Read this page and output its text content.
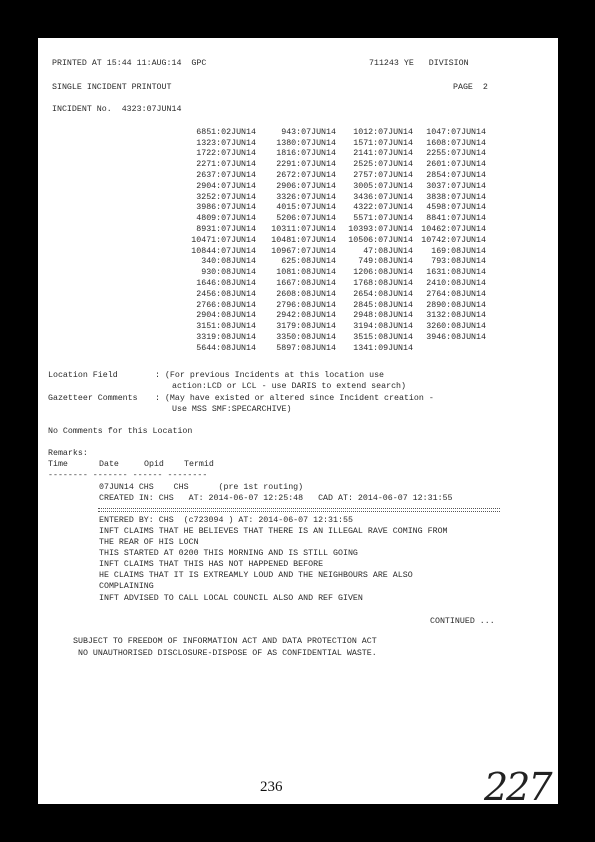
PRINTED AT 15:44 11:AUG:14  GPC	711243 YE   DIVISION
SINGLE INCIDENT PRINTOUT	PAGE  2
INCIDENT No.  4323:07JUN14
6851:02JUN14	943:07JUN14	1012:07JUN14	1047:07JUN14
1323:07JUN14	1380:07JUN14	1571:07JUN14	1608:07JUN14
1722:07JUN14	1816:07JUN14	2141:07JUN14	2255:07JUN14
2271:07JUN14	2291:07JUN14	2525:07JUN14	2601:07JUN14
2637:07JUN14	2672:07JUN14	2757:07JUN14	2854:07JUN14
2904:07JUN14	2906:07JUN14	3005:07JUN14	3037:07JUN14
3252:07JUN14	3326:07JUN14	3436:07JUN14	3838:07JUN14
3986:07JUN14	4015:07JUN14	4322:07JUN14	4598:07JUN14
4809:07JUN14	5206:07JUN14	5571:07JUN14	8841:07JUN14
8931:07JUN14	10311:07JUN14	10393:07JUN14	10462:07JUN14
10471:07JUN14	10481:07JUN14	10506:07JUN14	10742:07JUN14
10844:07JUN14	10967:07JUN14	47:08JUN14	169:08JUN14
340:08JUN14	625:08JUN14	749:08JUN14	793:08JUN14
930:08JUN14	1081:08JUN14	1206:08JUN14	1631:08JUN14
1646:08JUN14	1667:08JUN14	1768:08JUN14	2410:08JUN14
2456:08JUN14	2608:08JUN14	2654:08JUN14	2764:08JUN14
2766:08JUN14	2796:08JUN14	2845:08JUN14	2890:08JUN14
2904:08JUN14	2942:08JUN14	2948:08JUN14	3132:08JUN14
3151:08JUN14	3179:08JUN14	3194:08JUN14	3260:08JUN14
3319:08JUN14	3350:08JUN14	3515:08JUN14	3946:08JUN14
5644:08JUN14	5897:08JUN14	1341:09JUN14	
Location Field	: (For previous Incidents at this location use
action:LCD or LCL - use DARIS to extend search)
Gazetteer Comments : (May have existed or altered since Incident creation -
Use MSS SMF:SPECARCHIVE)
No Comments for this Location
Remarks:
Time	Date	Opid Termid
-------- ------- ------ --------
07JUN14 CHS    CHS      (pre 1st routing)
CREATED IN: CHS   AT: 2014-06-07 12:25:48   CAD AT: 2014-06-07 12:31:55
ENTERED BY: CHS  (c723094 ) AT: 2014-06-07 12:31:55
INFT CLAIMS THAT HE BELIEVES THAT THERE IS AN ILLEGAL RAVE COMING FROM
THE REAR OF HIS LOCN
THIS STARTED AT 0200 THIS MORNING AND IS STILL GOING
INFT CLAIMS THAT THIS HAS NOT HAPPENED BEFORE
HE CLAIMS THAT IT IS EXTREAMLY LOUD AND THE NEIGHBOURS ARE ALSO
COMPLAINING
INFT ADVISED TO CALL LOCAL COUNCIL ALSO AND REF GIVEN
CONTINUED ...
SUBJECT TO FREEDOM OF INFORMATION ACT AND DATA PROTECTION ACT
NO UNAUTHORISED DISCLOSURE-DISPOSE OF AS CONFIDENTIAL WASTE.
236	227
